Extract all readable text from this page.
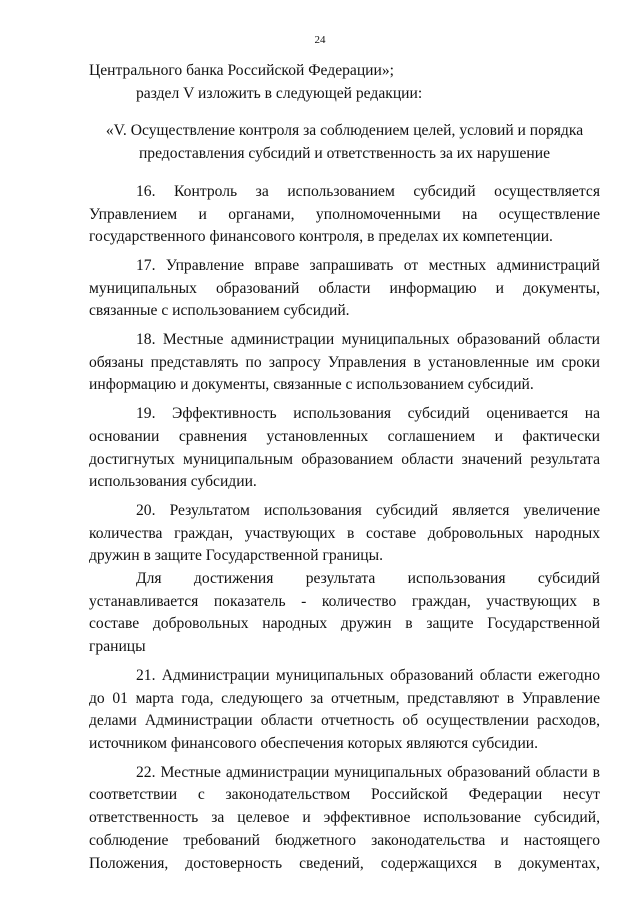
24

Центрального банка Российской Федерации»;

раздел V изложить в следующей редакции:

«V. Осуществление контроля за соблюдением целей, условий и порядка

предоставления субсидий и ответственность за их нарушение

16. Контроль за использованием субсидий осуществляется

Управлением и органами, уполномоченными на осуществление

государственного финансового контроля, в пределах их компетенции.

17. Управление вправе запрашивать от местных администраций

муниципальных образований области информацию и документы,

связанные с использованием субсидий.

18. Местные администрации муниципальных образований области

обязаны представлять по запросу Управления в установленные им сроки

информацию и документы, связанные с использованием субсидий.

19. Эффективность использования субсидий оценивается на

основании сравнения установленных соглашением и фактически

достигнутых муниципальным образованием области значений результата

использования субсидии.

20. Результатом использования субсидий является увеличение

количества граждан, участвующих в составе добровольных народных

дружин в защите Государственной границы.

Для достижения результата использования субсидий

устанавливается показатель - количество граждан, участвующих в

составе добровольных народных дружин в защите Государственной

границы

21. Администрации муниципальных образований области ежегодно

до 01 марта года, следующего за отчетным, представляют в Управление

делами Администрации области отчетность об осуществлении расходов,

источником финансового обеспечения которых являются субсидии.

22. Местные администрации муниципальных образований области в

соответствии с законодательством Российской Федерации несут

ответственность за целевое и эффективное использование субсидий,

соблюдение требований бюджетного законодательства и настоящего

Положения, достоверность сведений, содержащихся в документах,
